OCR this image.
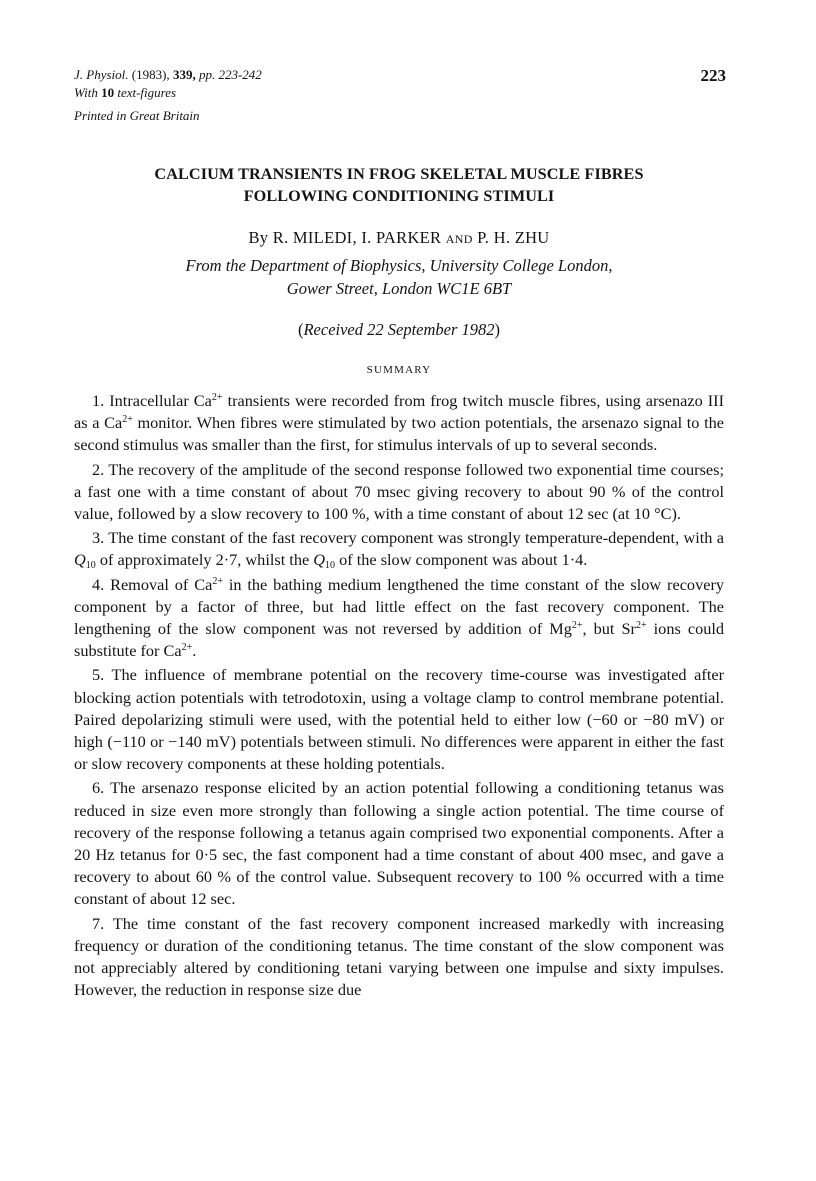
J. Physiol. (1983), 339, pp. 223-242
With 10 text-figures
Printed in Great Britain
223
CALCIUM TRANSIENTS IN FROG SKELETAL MUSCLE FIBRES
FOLLOWING CONDITIONING STIMULI
By R. MILEDI, I. PARKER and P. H. ZHU
From the Department of Biophysics, University College London,
Gower Street, London WC1E 6BT
(Received 22 September 1982)
SUMMARY

1. Intracellular $Ca^{2+}$ transients were recorded from frog twitch muscle fibres, using arsenazo III as a $Ca^{2+}$ monitor. When fibres were stimulated by two action potentials, the arsenazo signal to the second stimulus was smaller than the first, for stimulus intervals of up to several seconds.

2. The recovery of the amplitude of the second response followed two exponential time courses; a fast one with a time constant of about 70 msec giving recovery to about 90 % of the control value, followed by a slow recovery to 100 %, with a time constant of about 12 sec (at 10 °C).

3. The time constant of the fast recovery component was strongly temperature-dependent, with a $Q_{10}$ of approximately 2·7, whilst the $Q_{10}$ of the slow component was about 1·4.

4. Removal of $Ca^{2+}$ in the bathing medium lengthened the time constant of the slow recovery component by a factor of three, but had little effect on the fast recovery component. The lengthening of the slow component was not reversed by addition of $Mg^{2+}$, but $Sr^{2+}$ ions could substitute for $Ca^{2+}$.

5. The influence of membrane potential on the recovery time-course was investigated after blocking action potentials with tetrodotoxin, using a voltage clamp to control membrane potential. Paired depolarizing stimuli were used, with the potential held to either low (−60 or −80 mV) or high (−110 or −140 mV) potentials between stimuli. No differences were apparent in either the fast or slow recovery components at these holding potentials.

6. The arsenazo response elicited by an action potential following a conditioning tetanus was reduced in size even more strongly than following a single action potential. The time course of recovery of the response following a tetanus again comprised two exponential components. After a 20 Hz tetanus for 0·5 sec, the fast component had a time constant of about 400 msec, and gave a recovery to about 60 % of the control value. Subsequent recovery to 100 % occurred with a time constant of about 12 sec.

7. The time constant of the fast recovery component increased markedly with increasing frequency or duration of the conditioning tetanus. The time constant of the slow component was not appreciably altered by conditioning tetani varying between one impulse and sixty impulses. However, the reduction in response size due
